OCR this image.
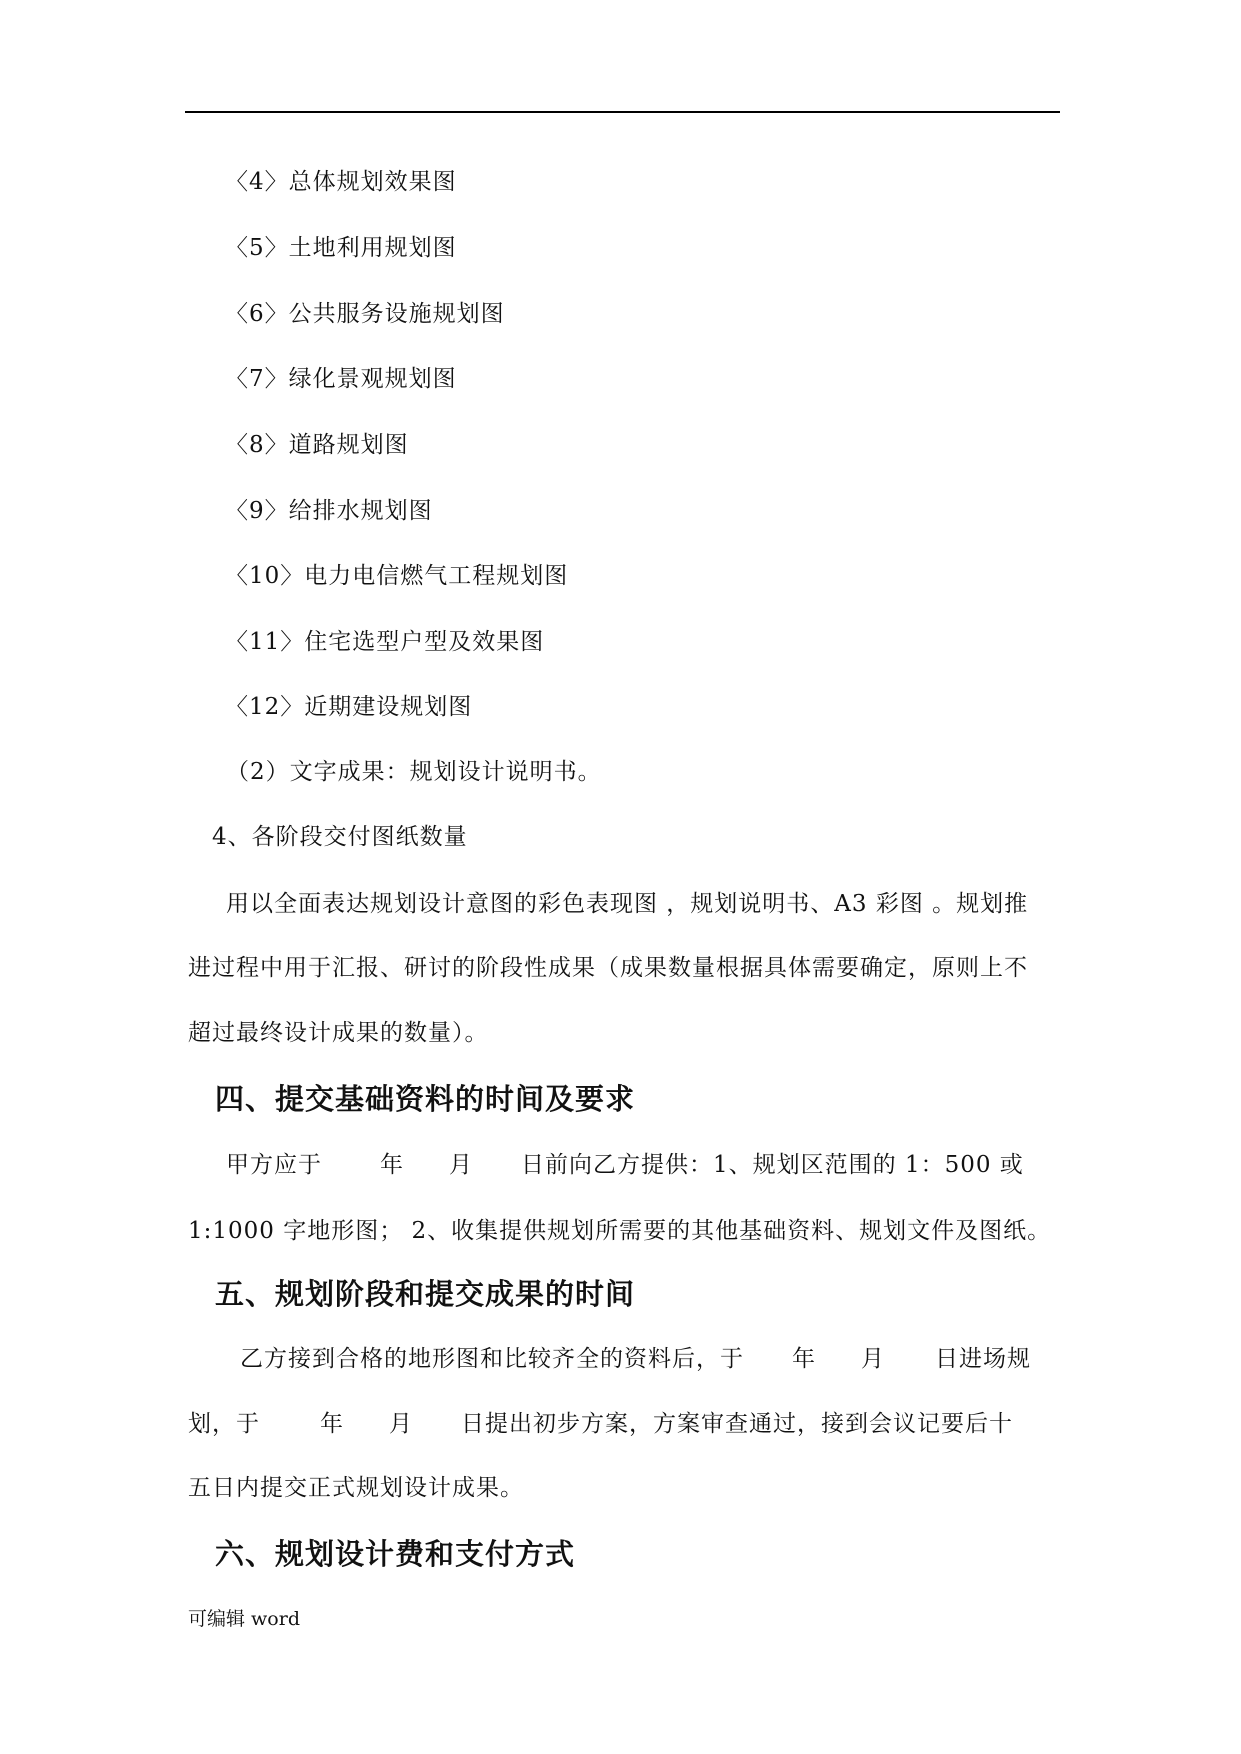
〈4〉总体规划效果图
〈5〉土地利用规划图
〈6〉公共服务设施规划图
〈7〉绿化景观规划图
〈8〉道路规划图
〈9〉给排水规划图
〈10〉电力电信燃气工程规划图
〈11〉住宅选型户型及效果图
〈12〉近期建设规划图
（2）文字成果：规划设计说明书。
4、各阶段交付图纸数量
用以全面表达规划设计意图的彩色表现图 ，规划说明书、A3 彩图 。规划推
进过程中用于汇报、研讨的阶段性成果（成果数量根据具体需要确定，原则上不
超过最终设计成果的数量）。
四、提交基础资料的时间及要求
甲方应于	年 月 日前向乙方提供：1、规划区范围的 1：500 或
1:1000 字地形图； 2、收集提供规划所需要的其他基础资料、规划文件及图纸。
五、规划阶段和提交成果的时间
乙方接到合格的地形图和比较齐全的资料后，于 年 月 日进场规
划，于	年 月 日提出初步方案，方案审查通过，接到会议记要后十
五日内提交正式规划设计成果。
六、规划设计费和支付方式
可编辑 word
